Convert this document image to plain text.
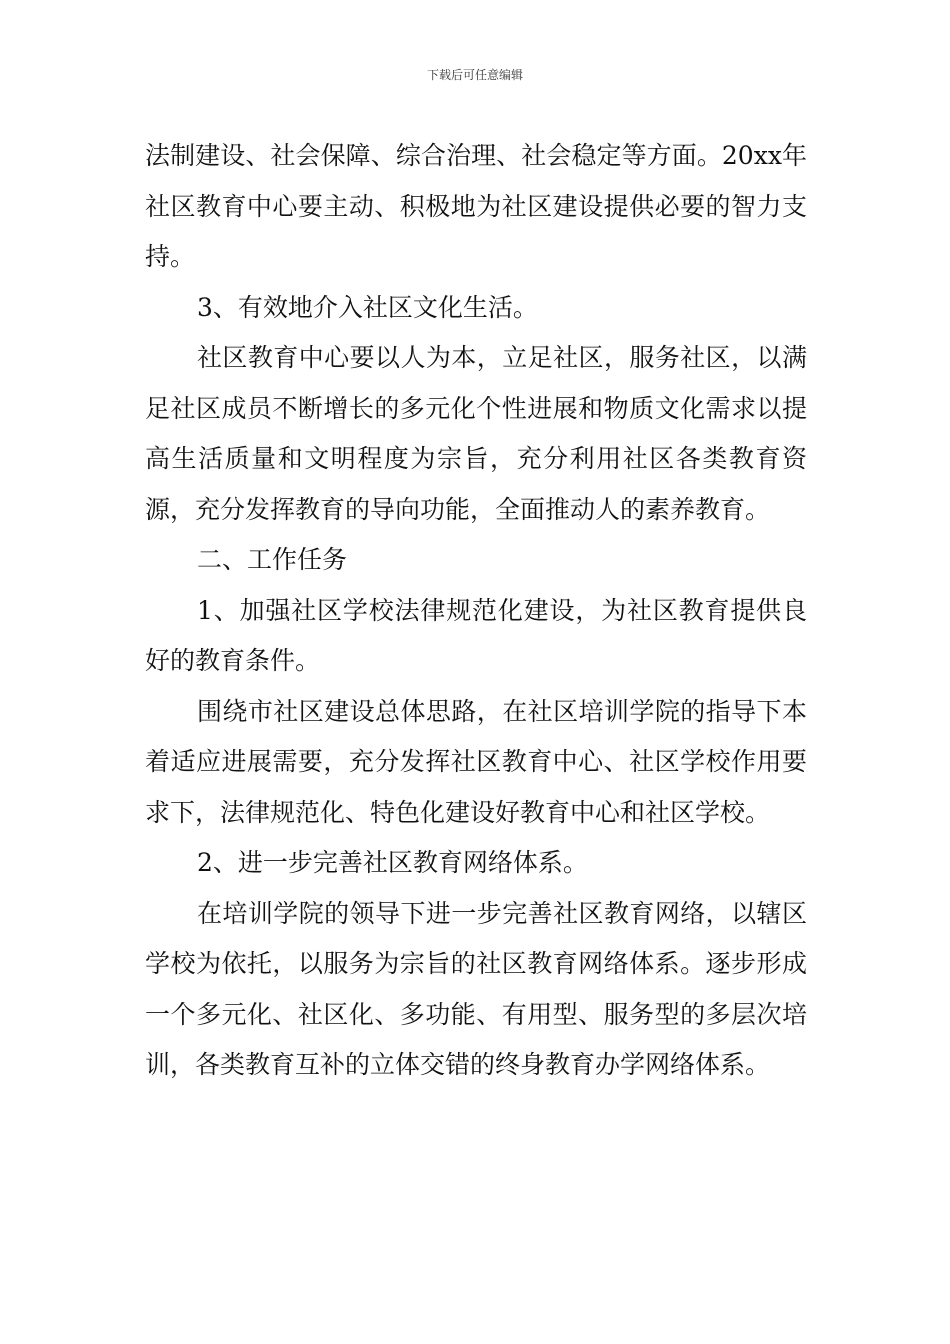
下载后可任意编辑

法制建设、社会保障、综合治理、社会稳定等方面。20xx年社区教育中心要主动、积极地为社区建设提供必要的智力支持。

3、有效地介入社区文化生活。

社区教育中心要以人为本，立足社区，服务社区，以满足社区成员不断增长的多元化个性进展和物质文化需求以提高生活质量和文明程度为宗旨，充分利用社区各类教育资源，充分发挥教育的导向功能，全面推动人的素养教育。

二、工作任务

1、加强社区学校法律规范化建设，为社区教育提供良好的教育条件。

围绕市社区建设总体思路，在社区培训学院的指导下本着适应进展需要，充分发挥社区教育中心、社区学校作用要求下，法律规范化、特色化建设好教育中心和社区学校。

2、进一步完善社区教育网络体系。

在培训学院的领导下进一步完善社区教育网络，以辖区学校为依托，以服务为宗旨的社区教育网络体系。逐步形成一个多元化、社区化、多功能、有用型、服务型的多层次培训，各类教育互补的立体交错的终身教育办学网络体系。
